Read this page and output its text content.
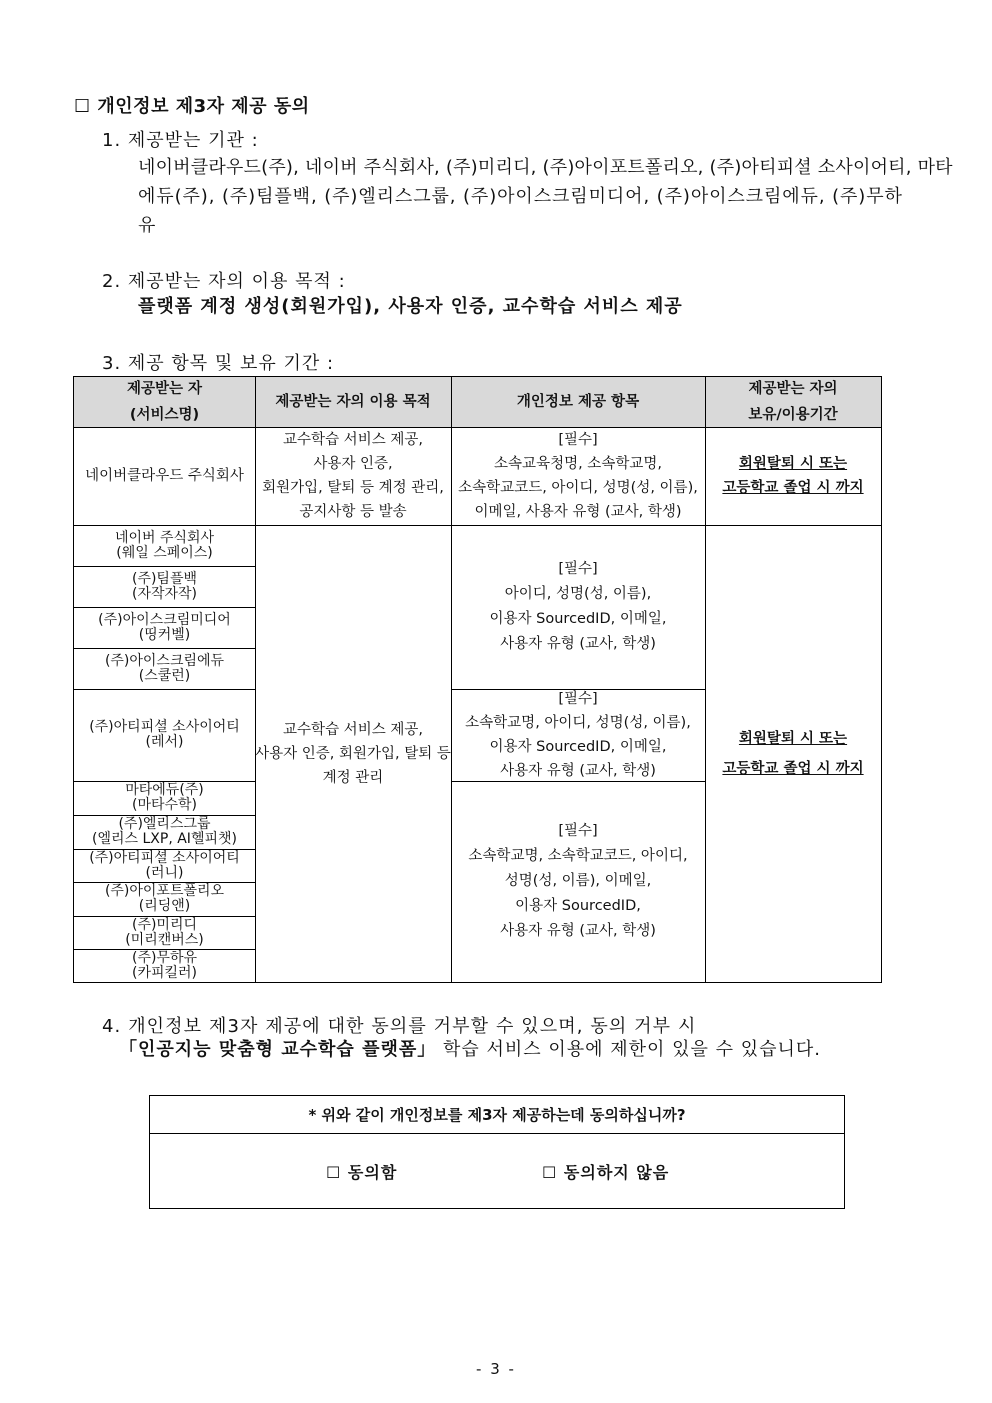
☐ 개인정보 제3자 제공 동의
1. 제공받는 기관 :
네이버클라우드(주), 네이버 주식회사, (주)미리디, (주)아이포트폴리오, (주)아티피셜 소사이어티, 마타
에듀(주), (주)팀플백, (주)엘리스그룹, (주)아이스크림미디어, (주)아이스크림에듀, (주)무하
유
2. 제공받는 자의 이용 목적 :
플랫폼 계정 생성(회원가입), 사용자 인증, 교수학습 서비스 제공
3. 제공 항목 및 보유 기간 :
제공받는 자
(서비스명)
제공받는 자의 이용 목적	개인정보 제공 항목
제공받는 자의
보유/이용기간
네이버클라우드 주식회사
교수학습 서비스 제공,
사용자 인증,
회원가입, 탈퇴 등 계정 관리,
공지사항 등 발송
[필수]
소속교육청명, 소속학교명,
소속학교코드, 아이디, 성명(성, 이름),
이메일, 사용자 유형 (교사, 학생)
회원탈퇴 시 또는
고등학교 졸업 시 까지
네이버 주식회사
(웨일 스페이스)
(주)팀플백
(자작자작)
(주)아이스크림미디어
(띵커벨)
(주)아이스크림에듀
(스쿨런)
(주)아티피셜 소사이어티
(레서)
마타에듀(주)
(마타수학)
(주)엘리스그룹
(엘리스 LXP, AI헬피챗)
(주)아티피셜 소사이어티
(러니)
(주)아이포트폴리오
(리딩앤)
(주)미리디
(미리캔버스)
(주)무하유
(카피킬러)
교수학습 서비스 제공,
사용자 인증, 회원가입, 탈퇴 등
계정 관리
[필수]
아이디, 성명(성, 이름),
이용자 SourcedID, 이메일,
사용자 유형 (교사, 학생)
[필수]
소속학교명, 아이디, 성명(성, 이름),
이용자 SourcedID, 이메일,
사용자 유형 (교사, 학생)
[필수]
소속학교명, 소속학교코드, 아이디,
성명(성, 이름), 이메일,
이용자 SourcedID,
사용자 유형 (교사, 학생)
회원탈퇴 시 또는
고등학교 졸업 시 까지
4. 개인정보 제3자 제공에 대한 동의를 거부할 수 있으며, 동의 거부 시
「인공지능 맞춤형 교수학습 플랫폼」 학습 서비스 이용에 제한이 있을 수 있습니다.
* 위와 같이 개인정보를 제3자 제공하는데 동의하십니까?
☐ 동의함	☐ 동의하지 않음
- 3 -
